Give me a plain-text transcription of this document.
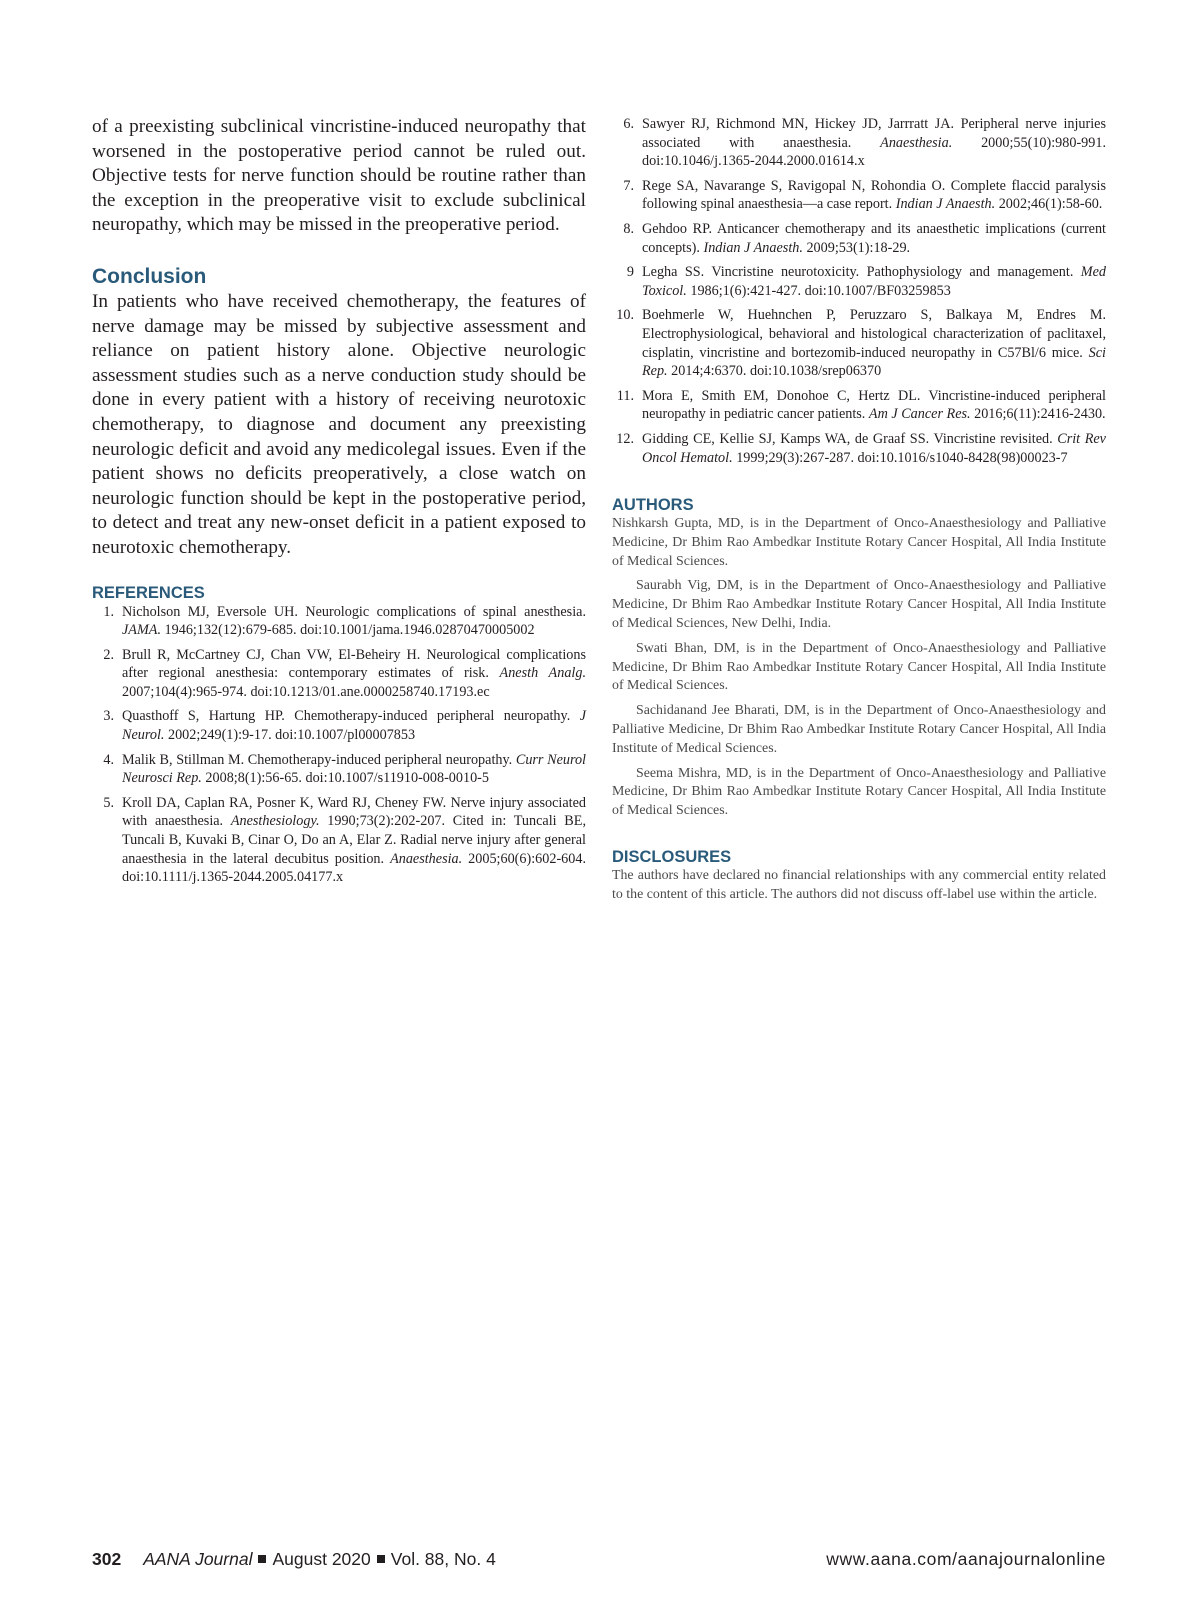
of a preexisting subclinical vincristine-induced neuropathy that worsened in the postoperative period cannot be ruled out. Objective tests for nerve function should be routine rather than the exception in the preoperative visit to exclude subclinical neuropathy, which may be missed in the preoperative period.

Conclusion

In patients who have received chemotherapy, the features of nerve damage may be missed by subjective assessment and reliance on patient history alone. Objective neurologic assessment studies such as a nerve conduction study should be done in every patient with a history of receiving neurotoxic chemotherapy, to diagnose and document any preexisting neurologic deficit and avoid any medicolegal issues. Even if the patient shows no deficits preoperatively, a close watch on neurologic function should be kept in the postoperative period, to detect and treat any new-onset deficit in a patient exposed to neurotoxic chemotherapy.

REFERENCES
1. Nicholson MJ, Eversole UH. Neurologic complications of spinal anesthesia. JAMA. 1946;132(12):679-685. doi:10.1001/jama.1946.02870470005002
2. Brull R, McCartney CJ, Chan VW, El-Beheiry H. Neurological complications after regional anesthesia: contemporary estimates of risk. Anesth Analg. 2007;104(4):965-974. doi:10.1213/01.ane.0000258740.17193.ec
3. Quasthoff S, Hartung HP. Chemotherapy-induced peripheral neuropathy. J Neurol. 2002;249(1):9-17. doi:10.1007/pl00007853
4. Malik B, Stillman M. Chemotherapy-induced peripheral neuropathy. Curr Neurol Neurosci Rep. 2008;8(1):56-65. doi:10.1007/s11910-008-0010-5
5. Kroll DA, Caplan RA, Posner K, Ward RJ, Cheney FW. Nerve injury associated with anaesthesia. Anesthesiology. 1990;73(2):202-207. Cited in: Tuncali BE, Tuncali B, Kuvaki B, Cinar O, Do an A, Elar Z. Radial nerve injury after general anaesthesia in the lateral decubitus position. Anaesthesia. 2005;60(6):602-604. doi:10.1111/j.1365-2044.2005.04177.x
6. Sawyer RJ, Richmond MN, Hickey JD, Jarrratt JA. Peripheral nerve injuries associated with anaesthesia. Anaesthesia. 2000;55(10):980-991. doi:10.1046/j.1365-2044.2000.01614.x
7. Rege SA, Navarange S, Ravigopal N, Rohondia O. Complete flaccid paralysis following spinal anaesthesia—a case report. Indian J Anaesth. 2002;46(1):58-60.
8. Gehdoo RP. Anticancer chemotherapy and its anaesthetic implications (current concepts). Indian J Anaesth. 2009;53(1):18-29.
9 Legha SS. Vincristine neurotoxicity. Pathophysiology and management. Med Toxicol. 1986;1(6):421-427. doi:10.1007/BF03259853
10. Boehmerle W, Huehnchen P, Peruzzaro S, Balkaya M, Endres M. Electrophysiological, behavioral and histological characterization of paclitaxel, cisplatin, vincristine and bortezomib-induced neuropathy in C57Bl/6 mice. Sci Rep. 2014;4:6370. doi:10.1038/srep06370
11. Mora E, Smith EM, Donohoe C, Hertz DL. Vincristine-induced peripheral neuropathy in pediatric cancer patients. Am J Cancer Res. 2016;6(11):2416-2430.
12. Gidding CE, Kellie SJ, Kamps WA, de Graaf SS. Vincristine revisited. Crit Rev Oncol Hematol. 1999;29(3):267-287. doi:10.1016/s1040-8428(98)00023-7
AUTHORS

Nishkarsh Gupta, MD, is in the Department of Onco-Anaesthesiology and Palliative Medicine, Dr Bhim Rao Ambedkar Institute Rotary Cancer Hospital, All India Institute of Medical Sciences.

Saurabh Vig, DM, is in the Department of Onco-Anaesthesiology and Palliative Medicine, Dr Bhim Rao Ambedkar Institute Rotary Cancer Hospital, All India Institute of Medical Sciences, New Delhi, India.

Swati Bhan, DM, is in the Department of Onco-Anaesthesiology and Palliative Medicine, Dr Bhim Rao Ambedkar Institute Rotary Cancer Hospital, All India Institute of Medical Sciences.

Sachidanand Jee Bharati, DM, is in the Department of Onco-Anaesthesiology and Palliative Medicine, Dr Bhim Rao Ambedkar Institute Rotary Cancer Hospital, All India Institute of Medical Sciences.

Seema Mishra, MD, is in the Department of Onco-Anaesthesiology and Palliative Medicine, Dr Bhim Rao Ambedkar Institute Rotary Cancer Hospital, All India Institute of Medical Sciences.

DISCLOSURES

The authors have declared no financial relationships with any commercial entity related to the content of this article. The authors did not discuss off-label use within the article.

302 AANA Journal August 2020 Vol. 88, No. 4	www.aana.com/aanajournalonline
